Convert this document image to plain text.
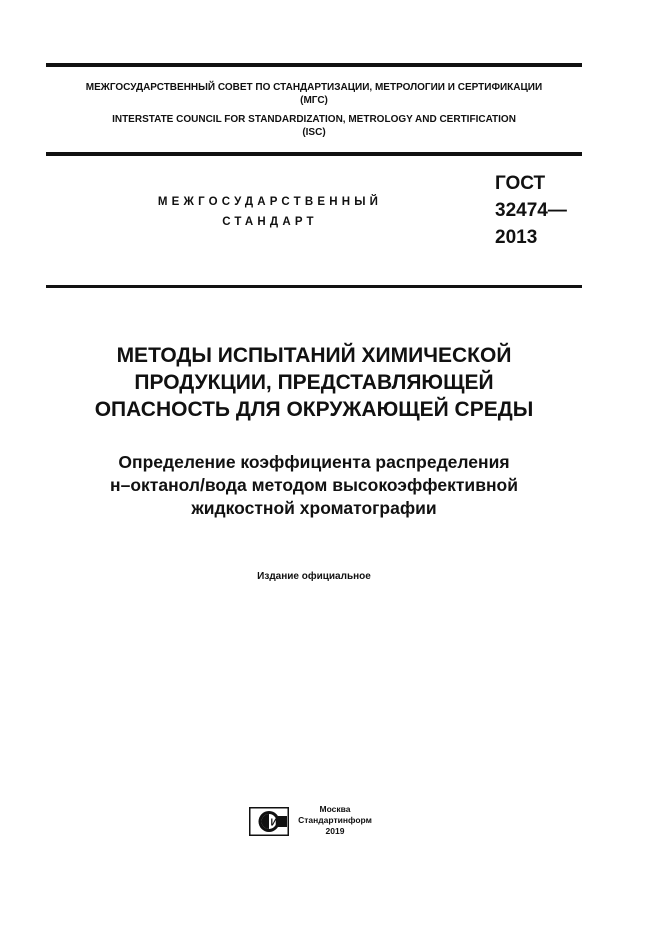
МЕЖГОСУДАРСТВЕННЫЙ СОВЕТ ПО СТАНДАРТИЗАЦИИ, МЕТРОЛОГИИ И СЕРТИФИКАЦИИ
(МГС)

INTERSTATE COUNCIL FOR STANDARDIZATION, METROLOGY AND CERTIFICATION
(ISC)

МЕЖГОСУДАРСТВЕННЫЙ
СТАНДАРТ
ГОСТ
32474—
2013
МЕТОДЫ ИСПЫТАНИЙ ХИМИЧЕСКОЙ
ПРОДУКЦИИ, ПРЕДСТАВЛЯЮЩЕЙ
ОПАСНОСТЬ ДЛЯ ОКРУЖАЮЩЕЙ СРЕДЫ
Определение коэффициента распределения
н–октанол/вода методом высокоэффективной
жидкостной хроматографии
Издание официальное
И
Москва
Стандартинформ
2019
